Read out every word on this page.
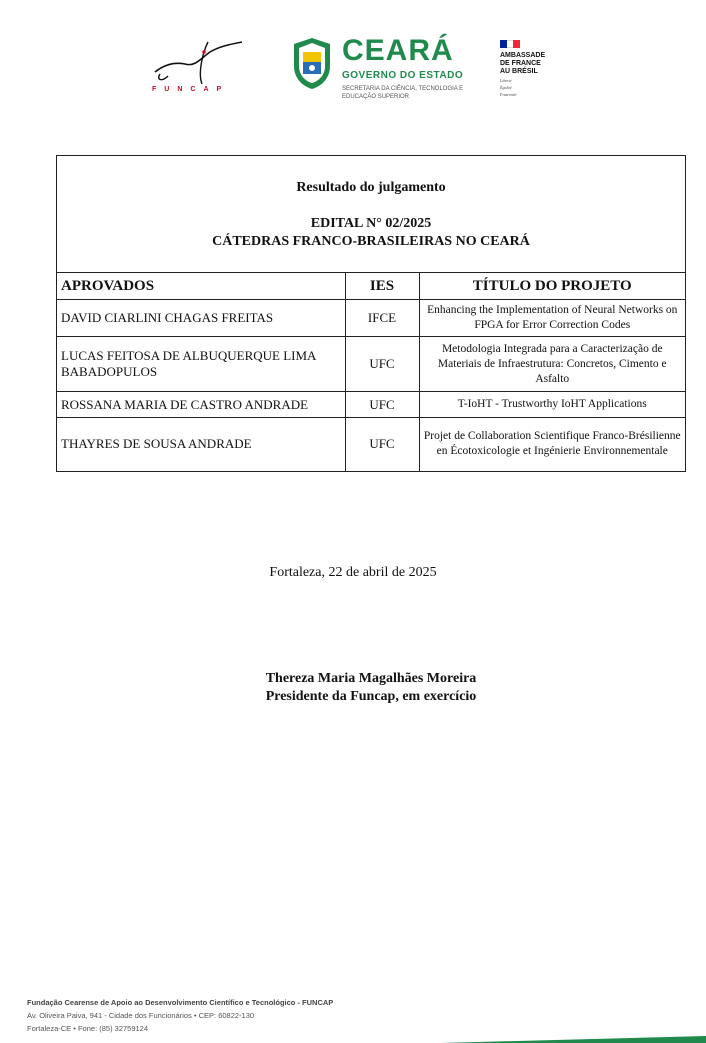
FUNCAP
CEARÁ
GOVERNO DO ESTADO
SECRETARIA DA CIÊNCIA, TECNOLOGIA E EDUCAÇÃO SUPERIOR
AMBASSADE
DE FRANCE
AU BRÉSIL
Liberté
Égalité
Fraternité
Resultado do julgamento
EDITAL N° 02/2025
CÁTEDRAS FRANCO-BRASILEIRAS NO CEARÁ
APROVADOS	IES	TÍTULO DO PROJETO
DAVID CIARLINI CHAGAS FREITAS	IFCE	Enhancing the Implementation of Neural Networks on FPGA for Error Correction Codes
LUCAS FEITOSA DE ALBUQUERQUE LIMA BABADOPULOS	UFC	Metodologia Integrada para a Caracterização de Materiais de Infraestrutura: Concretos, Cimento e Asfalto
ROSSANA MARIA DE CASTRO ANDRADE	UFC	T-IoHT - Trustworthy IoHT Applications
THAYRES DE SOUSA ANDRADE	UFC	Projet de Collaboration Scientifique Franco-Brésilienne en Écotoxicologie et Ingénierie Environnementale
Fortaleza, 22 de abril de 2025
Thereza Maria Magalhães Moreira
Presidente da Funcap, em exercício
Fundação Cearense de Apoio ao Desenvolvimento Científico e Tecnológico - FUNCAP
Av. Oliveira Paiva, 941 - Cidade dos Funcionários • CEP: 60822-130
Fortaleza-CE • Fone: (85) 32759124
